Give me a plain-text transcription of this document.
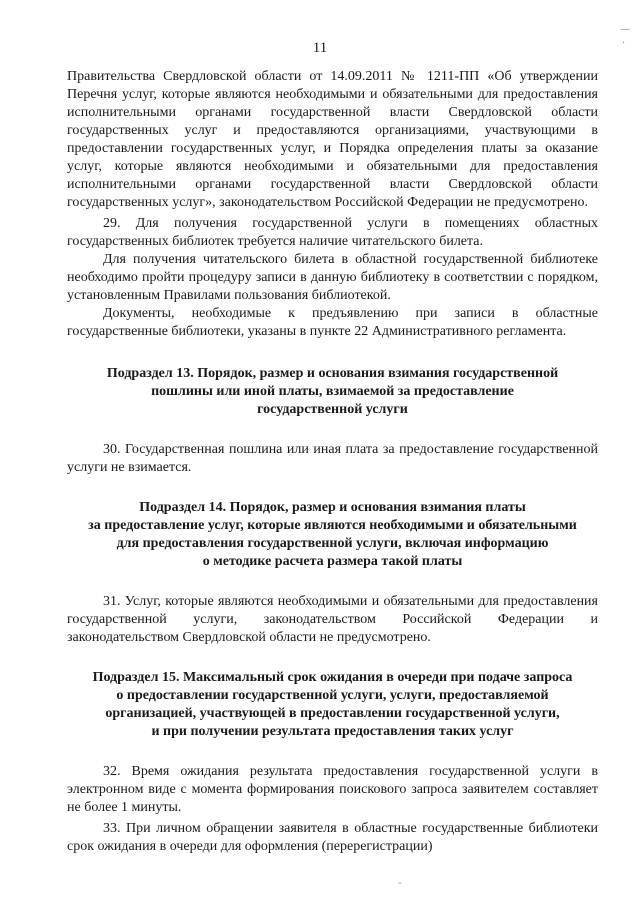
11
—
·

Правительства Свердловской области от 14.09.2011 № 1211-ПП «Об утверждении Перечня услуг, которые являются необходимыми и обязательными для предоставления исполнительными органами государственной власти Свердловской области государственных услуг и предоставляются организациями, участвующими в предоставлении государственных услуг, и Порядка определения платы за оказание услуг, которые являются необходимыми и обязательными для предоставления исполнительными органами государственной власти Свердловской области государственных услуг», законодательством Российской Федерации не предусмотрено.

29. Для получения государственной услуги в помещениях областных государственных библиотек требуется наличие читательского билета.

Для получения читательского билета в областной государственной библиотеке необходимо пройти процедуру записи в данную библиотеку в соответствии с порядком, установленным Правилами пользования библиотекой.

Документы, необходимые к предъявлению при записи в областные государственные библиотеки, указаны в пункте 22 Административного регламента.

Подраздел 13. Порядок, размер и основания взимания государственной
пошлины или иной платы, взимаемой за предоставление
государственной услуги

30. Государственная пошлина или иная плата за предоставление государственной услуги не взимается.

Подраздел 14. Порядок, размер и основания взимания платы
за предоставление услуг, которые являются необходимыми и обязательными
для предоставления государственной услуги, включая информацию
о методике расчета размера такой платы

31. Услуг, которые являются необходимыми и обязательными для предоставления государственной услуги, законодательством Российской Федерации и законодательством Свердловской области не предусмотрено.

Подраздел 15. Максимальный срок ожидания в очереди при подаче запроса
о предоставлении государственной услуги, услуги, предоставляемой
организацией, участвующей в предоставлении государственной услуги,
и при получении результата предоставления таких услуг

32. Время ожидания результата предоставления государственной услуги в электронном виде с момента формирования поискового запроса заявителем составляет не более 1 минуты.

33. При личном обращении заявителя в областные государственные библиотеки срок ожидания в очереди для оформления (перерегистрации)

-
